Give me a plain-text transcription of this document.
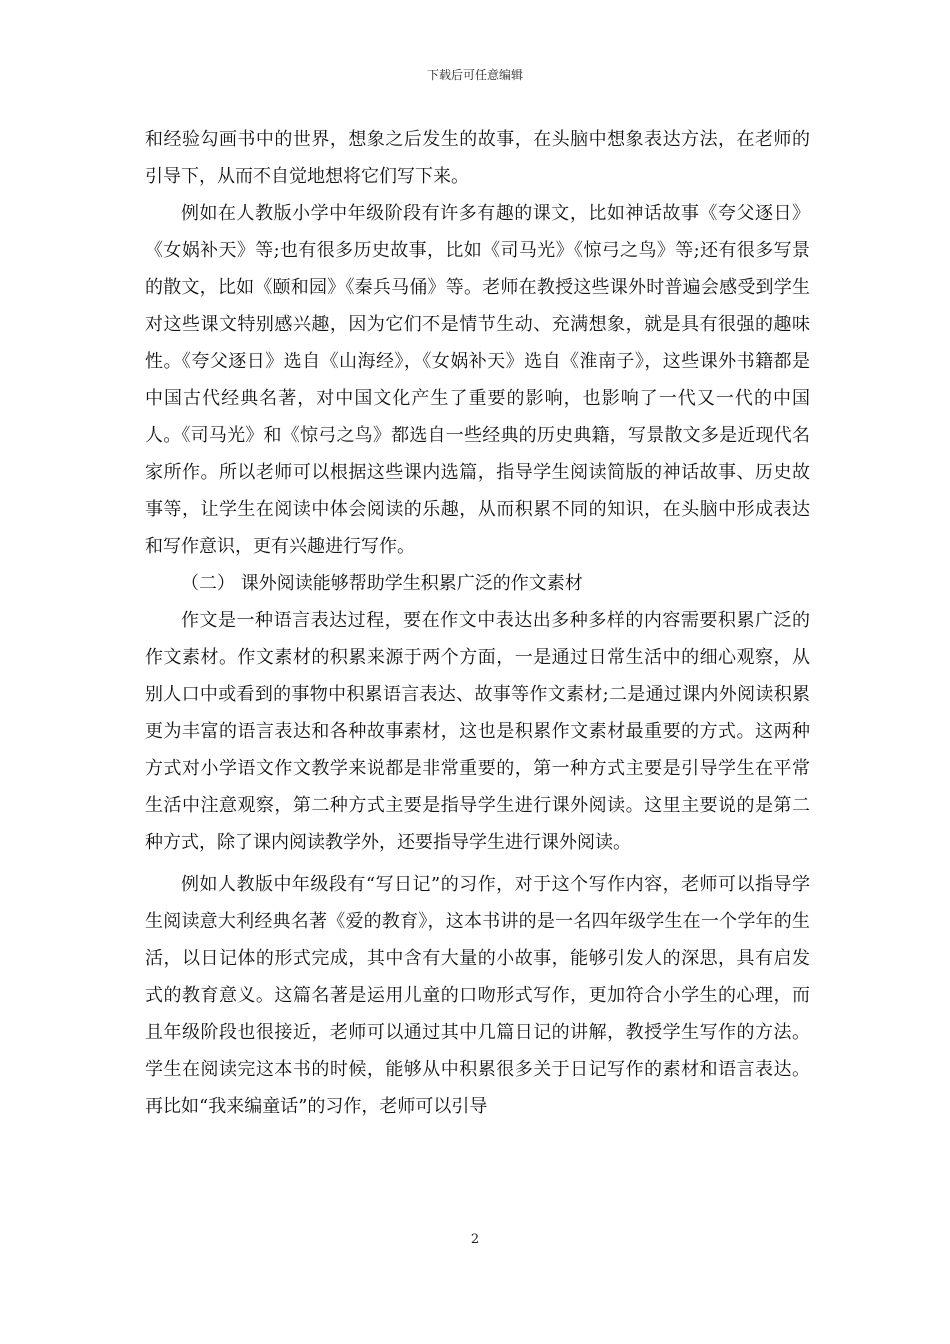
下载后可任意编辑

和经验勾画书中的世界，想象之后发生的故事，在头脑中想象表达方法，在老师的引导下，从而不自觉地想将它们写下来。

例如在人教版小学中年级阶段有许多有趣的课文，比如神话故事《夸父逐日》《女娲补天》等;也有很多历史故事，比如《司马光》《惊弓之鸟》等;还有很多写景的散文，比如《颐和园》《秦兵马俑》等。老师在教授这些课外时普遍会感受到学生对这些课文特别感兴趣，因为它们不是情节生动、充满想象，就是具有很强的趣味性。《夸父逐日》选自《山海经》，《女娲补天》选自《淮南子》，这些课外书籍都是中国古代经典名著，对中国文化产生了重要的影响，也影响了一代又一代的中国人。《司马光》和《惊弓之鸟》都选自一些经典的历史典籍，写景散文多是近现代名家所作。所以老师可以根据这些课内选篇，指导学生阅读简版的神话故事、历史故事等，让学生在阅读中体会阅读的乐趣，从而积累不同的知识，在头脑中形成表达和写作意识，更有兴趣进行写作。

（二） 课外阅读能够帮助学生积累广泛的作文素材

作文是一种语言表达过程，要在作文中表达出多种多样的内容需要积累广泛的作文素材。作文素材的积累来源于两个方面，一是通过日常生活中的细心观察，从别人口中或看到的事物中积累语言表达、故事等作文素材;二是通过课内外阅读积累更为丰富的语言表达和各种故事素材，这也是积累作文素材最重要的方式。这两种方式对小学语文作文教学来说都是非常重要的，第一种方式主要是引导学生在平常生活中注意观察，第二种方式主要是指导学生进行课外阅读。这里主要说的是第二种方式，除了课内阅读教学外，还要指导学生进行课外阅读。

例如人教版中年级段有“写日记”的习作，对于这个写作内容，老师可以指导学生阅读意大利经典名著《爱的教育》，这本书讲的是一名四年级学生在一个学年的生活，以日记体的形式完成，其中含有大量的小故事，能够引发人的深思，具有启发式的教育意义。这篇名著是运用儿童的口吻形式写作，更加符合小学生的心理，而且年级阶段也很接近，老师可以通过其中几篇日记的讲解，教授学生写作的方法。学生在阅读完这本书的时候，能够从中积累很多关于日记写作的素材和语言表达。再比如“我来编童话”的习作，老师可以引导

2
